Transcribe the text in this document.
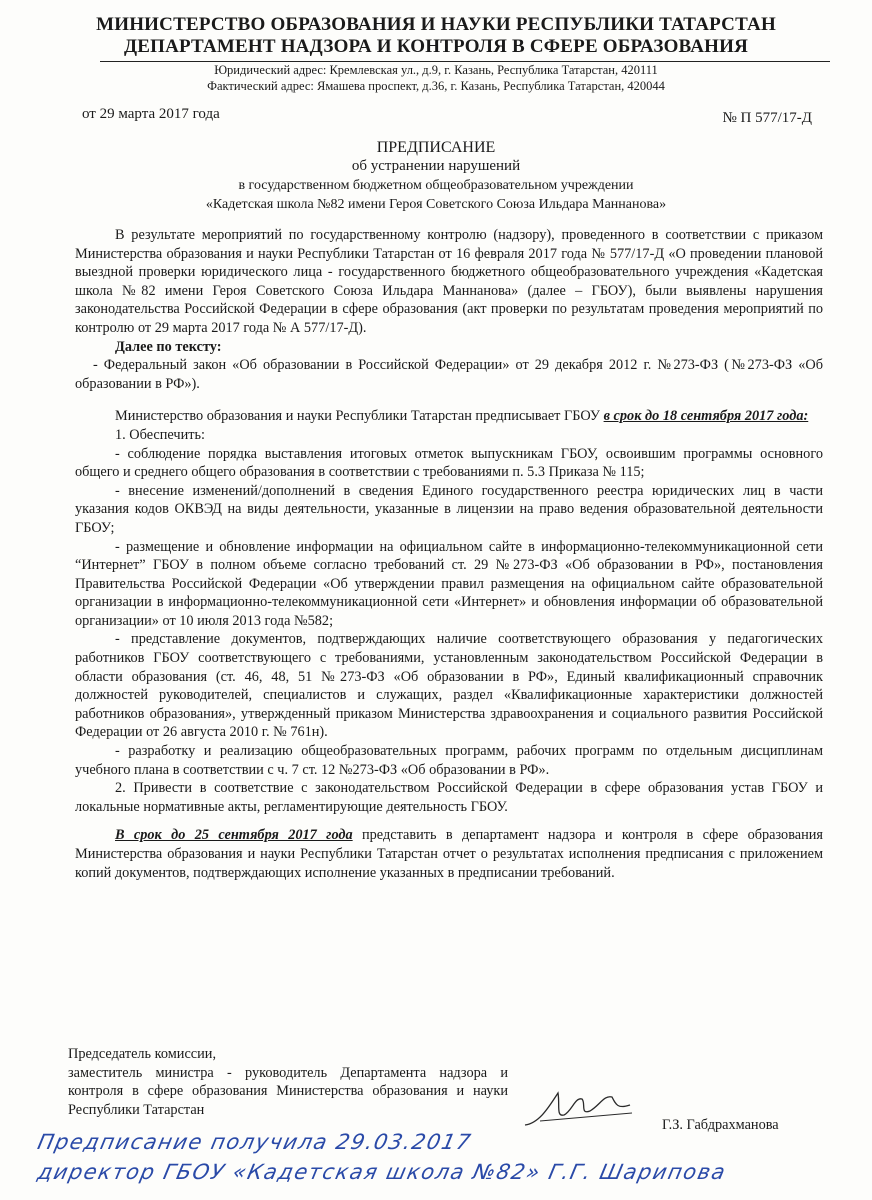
МИНИСТЕРСТВО ОБРАЗОВАНИЯ И НАУКИ РЕСПУБЛИКИ ТАТАРСТАН
ДЕПАРТАМЕНТ НАДЗОРА И КОНТРОЛЯ В СФЕРЕ ОБРАЗОВАНИЯ
Юридический адрес: Кремлевская ул., д.9, г. Казань, Республика Татарстан, 420111
Фактический адрес: Ямашева проспект, д.36, г. Казань, Республика Татарстан, 420044
от 29 марта 2017 года	№ П 577/17-Д
ПРЕДПИСАНИЕ
об устранении нарушений
в государственном бюджетном общеобразовательном учреждении
«Кадетская школа №82 имени Героя Советского Союза Ильдара Маннанова»

В результате мероприятий по государственному контролю (надзору), проведенного в соответствии с приказом Министерства образования и науки Республики Татарстан от 16 февраля 2017 года № 577/17-Д «О проведении плановой выездной проверки юридического лица - государственного бюджетного общеобразовательного учреждения «Кадетская школа №82 имени Героя Советского Союза Ильдара Маннанова» (далее – ГБОУ), были выявлены нарушения законодательства Российской Федерации в сфере образования (акт проверки по результатам проведения мероприятий по контролю от 29 марта 2017 года № А 577/17-Д).

Далее по тексту:

- Федеральный закон «Об образовании в Российской Федерации» от 29 декабря 2012 г. №273-ФЗ (№273-ФЗ «Об образовании в РФ»).

Министерство образования и науки Республики Татарстан предписывает ГБОУ в срок до 18 сентября 2017 года:

1. Обеспечить:

- соблюдение порядка выставления итоговых отметок выпускникам ГБОУ, освоившим программы основного общего и среднего общего образования в соответствии с требованиями п. 5.3 Приказа № 115;

- внесение изменений/дополнений в сведения Единого государственного реестра юридических лиц в части указания кодов ОКВЭД на виды деятельности, указанные в лицензии на право ведения образовательной деятельности ГБОУ;

- размещение и обновление информации на официальном сайте в информационно-телекоммуникационной сети “Интернет” ГБОУ в полном объеме согласно требований ст. 29 №273-ФЗ «Об образовании в РФ», постановления Правительства Российской Федерации «Об утверждении правил размещения на официальном сайте образовательной организации в информационно-телекоммуникационной сети «Интернет» и обновления информации об образовательной организации» от 10 июля 2013 года №582;

- представление документов, подтверждающих наличие соответствующего образования у педагогических работников ГБОУ соответствующего с требованиями, установленным законодательством Российской Федерации в области образования (ст. 46, 48, 51 №273-ФЗ «Об образовании в РФ», Единый квалификационный справочник должностей руководителей, специалистов и служащих, раздел «Квалификационные характеристики должностей работников образования», утвержденный приказом Министерства здравоохранения и социального развития Российской Федерации от 26 августа 2010 г. № 761н).

- разработку и реализацию общеобразовательных программ, рабочих программ по отдельным дисциплинам учебного плана в соответствии с ч. 7 ст. 12 №273-ФЗ «Об образовании в РФ».

2. Привести в соответствие с законодательством Российской Федерации в сфере образования устав ГБОУ и локальные нормативные акты, регламентирующие деятельность ГБОУ.

В срок до 25 сентября 2017 года представить в департамент надзора и контроля в сфере образования Министерства образования и науки Республики Татарстан отчет о результатах исполнения предписания с приложением копий документов, подтверждающих исполнение указанных в предписании требований.

Председатель комиссии,

заместитель министра - руководитель Департамента надзора и контроля в сфере образования Министерства образования и науки Республики Татарстан

Г.З. Габдрахманова
Предписание получила 29.03.2017
директор ГБОУ «Кадетская школа №82» Г.Г. Шарипова
